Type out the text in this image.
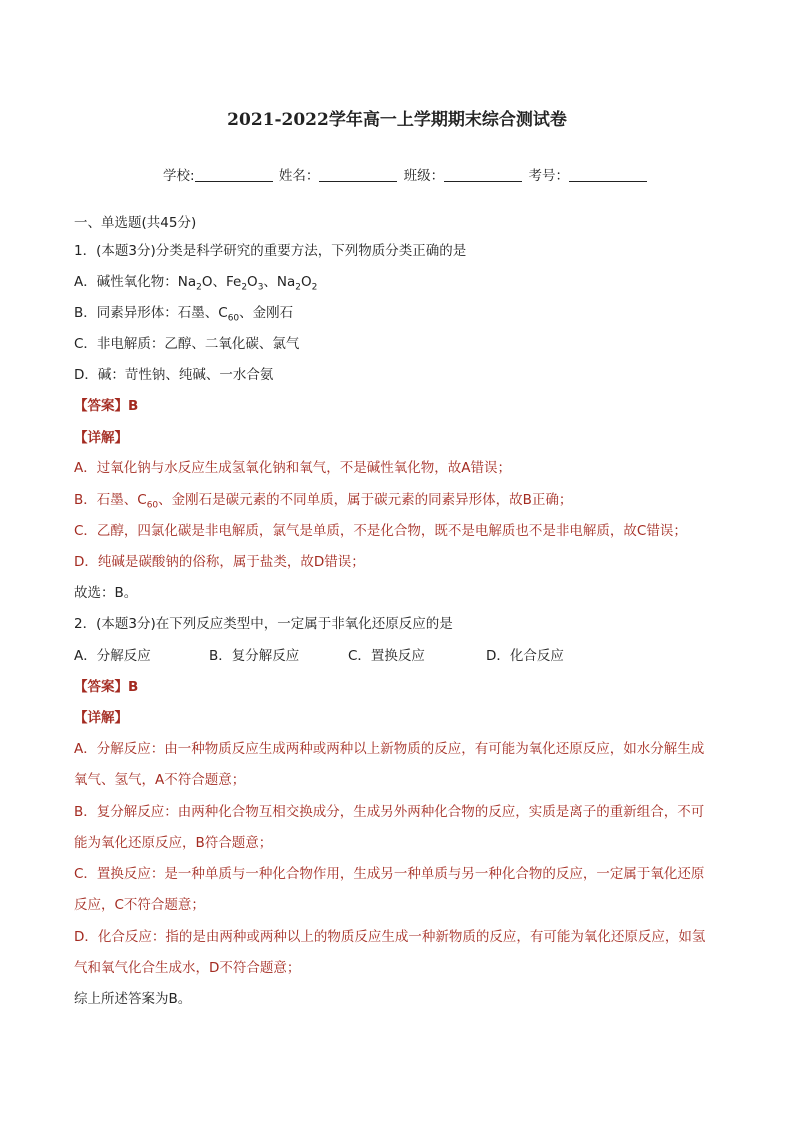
2021-2022学年高一上学期期末综合测试卷
学校:	姓名：	班级：	考号：
一、单选题(共45分)
1．(本题3分)分类是科学研究的重要方法，下列物质分类正确的是
A．碱性氧化物：$Na_2O$、$Fe_2O_3$、$Na_2O_2$
B．同素异形体：石墨、$C_{60}$、金刚石
C．非电解质：乙醇、二氧化碳、氯气
D．碱：苛性钠、纯碱、一水合氨
【答案】B
【详解】
A．过氧化钠与水反应生成氢氧化钠和氧气，不是碱性氧化物，故A错误；
B．石墨、$C_{60}$、金刚石是碳元素的不同单质，属于碳元素的同素异形体，故B正确；
C．乙醇，四氯化碳是非电解质，氯气是单质，不是化合物，既不是电解质也不是非电解质，故C错误；
D．纯碱是碳酸钠的俗称，属于盐类，故D错误；
故选：B。
2．(本题3分)在下列反应类型中，一定属于非氧化还原反应的是
A．分解反应	B．复分解反应	C．置换反应	D．化合反应
【答案】B
【详解】
A．分解反应：由一种物质反应生成两种或两种以上新物质的反应，有可能为氧化还原反应，如水分解生成
氧气、氢气，A不符合题意；
B．复分解反应：由两种化合物互相交换成分，生成另外两种化合物的反应，实质是离子的重新组合，不可
能为氧化还原反应，B符合题意；
C．置换反应：是一种单质与一种化合物作用，生成另一种单质与另一种化合物的反应，一定属于氧化还原
反应，C不符合题意；
D．化合反应：指的是由两种或两种以上的物质反应生成一种新物质的反应，有可能为氧化还原反应，如氢
气和氧气化合生成水，D不符合题意；
综上所述答案为B。
